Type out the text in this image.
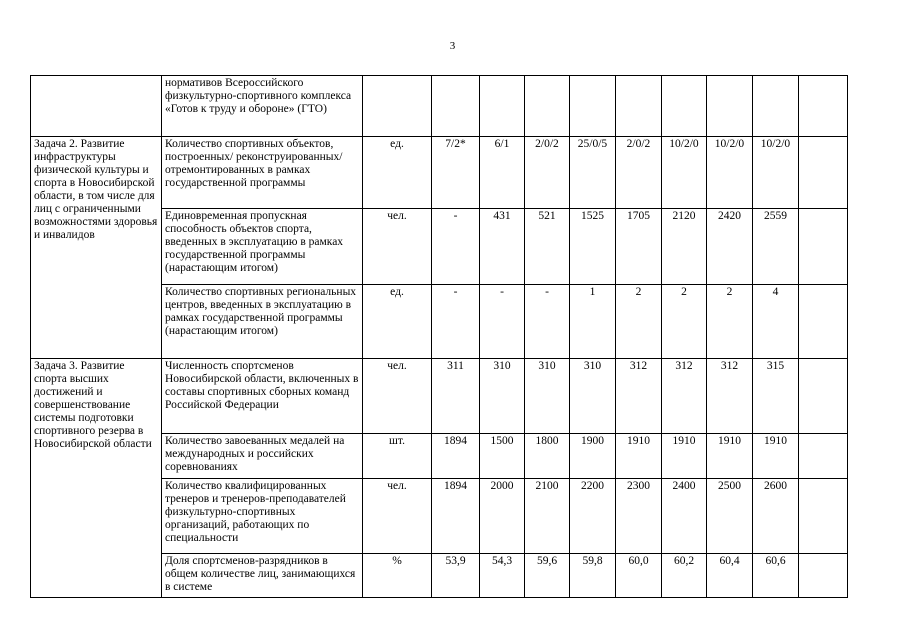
3
	нормативов Всероссийского физкультурно-спортивного комплекса «Готов к труду и обороне» (ГТО)										
Задача 2. Развитие инфраструктуры физической культуры и спорта в Новосибирской области, в том числе для лиц с ограниченными возможностями здоровья и инвалидов	Количество спортивных объектов, построенных/ реконструированных/ отремонтированных в рамках государственной программы	ед.	7/2*	6/1	2/0/2	25/0/5	2/0/2	10/2/0	10/2/0	10/2/0	
	Единовременная пропускная способность объектов спорта, введенных в эксплуатацию в рамках государственной программы (нарастающим итогом)	чел.	-	431	521	1525	1705	2120	2420	2559	
	Количество спортивных региональных центров, введенных в эксплуатацию в рамках государственной программы (нарастающим итогом)	ед.	-	-	-	1	2	2	2	4	
Задача 3. Развитие спорта высших достижений и совершенствование системы подготовки спортивного резерва в Новосибирской области	Численность спортсменов Новосибирской области, включенных в составы спортивных сборных команд Российской Федерации	чел.	311	310	310	310	312	312	312	315	
	Количество завоеванных медалей на международных и российских соревнованиях	шт.	1894	1500	1800	1900	1910	1910	1910	1910	
	Количество квалифицированных тренеров и тренеров-преподавателей физкультурно-спортивных организаций, работающих по специальности	чел.	1894	2000	2100	2200	2300	2400	2500	2600	
	Доля спортсменов-разрядников в общем количестве лиц, занимающихся в системе	%	53,9	54,3	59,6	59,8	60,0	60,2	60,4	60,6	
